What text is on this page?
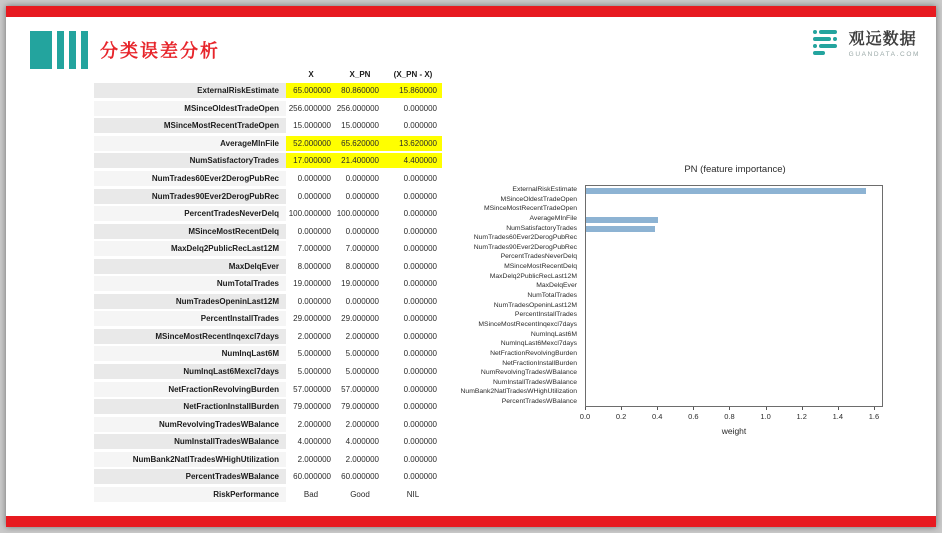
分类误差分析
观远数据
GUANDATA.COM
X	X_PN	(X_PN - X)
ExternalRiskEstimate	65.000000	80.860000	15.860000
MSinceOldestTradeOpen	256.000000 256.000000	0.000000
MSinceMostRecentTradeOpen	15.000000	15.000000	0.000000
AverageMInFile	52.000000	65.620000	13.620000
NumSatisfactoryTrades	17.000000	21.400000	4.400000
NumTrades60Ever2DerogPubRec	0.000000	0.000000	0.000000
NumTrades90Ever2DerogPubRec	0.000000	0.000000	0.000000
PercentTradesNeverDelq	100.000000 100.000000	0.000000
MSinceMostRecentDelq	0.000000	0.000000	0.000000
MaxDelq2PublicRecLast12M	7.000000	7.000000	0.000000
MaxDelqEver	8.000000	8.000000	0.000000
NumTotalTrades	19.000000	19.000000	0.000000
NumTradesOpeninLast12M	0.000000	0.000000	0.000000
PercentInstallTrades	29.000000	29.000000	0.000000
MSinceMostRecentInqexcl7days	2.000000	2.000000	0.000000
NumInqLast6M	5.000000	5.000000	0.000000
NumInqLast6Mexcl7days	5.000000	5.000000	0.000000
NetFractionRevolvingBurden	57.000000	57.000000	0.000000
NetFractionInstallBurden	79.000000	79.000000	0.000000
NumRevolvingTradesWBalance	2.000000	2.000000	0.000000
NumInstallTradesWBalance	4.000000	4.000000	0.000000
NumBank2NatlTradesWHighUtilization	2.000000	2.000000	0.000000
PercentTradesWBalance	60.000000	60.000000	0.000000
RiskPerformance	Bad	Good	NIL
PN (feature importance)
ExternalRiskEstimate
MSinceOldestTradeOpen
MSinceMostRecentTradeOpen
AverageMInFile
NumSatisfactoryTrades
NumTrades60Ever2DerogPubRec
NumTrades90Ever2DerogPubRec
PercentTradesNeverDelq
MSinceMostRecentDelq
MaxDelq2PublicRecLast12M
MaxDelqEver
NumTotalTrades
NumTradesOpeninLast12M
PercentInstallTrades
MSinceMostRecentInqexcl7days
NumInqLast6M
NumInqLast6Mexcl7days
NetFractionRevolvingBurden
NetFractionInstallBurden
NumRevolvingTradesWBalance
NumInstallTradesWBalance
NumBank2NatlTradesWHighUtilization
PercentTradesWBalance
0.0	0.2	0.4	0.6	0.8	1.0	1.2	1.4	1.6
weight
